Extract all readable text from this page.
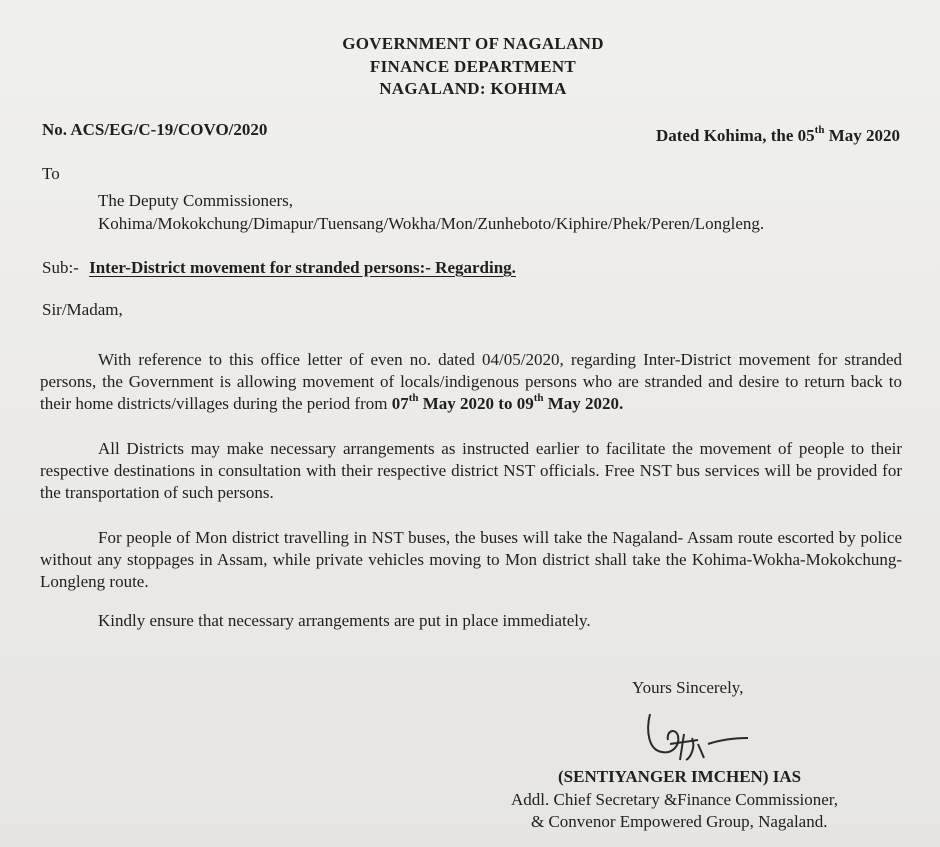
GOVERNMENT OF NAGALAND
FINANCE DEPARTMENT
NAGALAND: KOHIMA
No. ACS/EG/C-19/COVO/2020	Dated Kohima, the 05th May 2020
To
The Deputy Commissioners,
Kohima/Mokokchung/Dimapur/Tuensang/Wokha/Mon/Zunheboto/Kiphire/Phek/Peren/Longleng.
Sub:- Inter-District movement for stranded persons:- Regarding.
Sir/Madam,
With reference to this office letter of even no. dated 04/05/2020, regarding Inter-District movement for stranded persons, the Government is allowing movement of locals/indigenous persons who are stranded and desire to return back to their home districts/villages during the period from 07th May 2020 to 09th May 2020.
All Districts may make necessary arrangements as instructed earlier to facilitate the movement of people to their respective destinations in consultation with their respective district NST officials. Free NST bus services will be provided for the transportation of such persons.
For people of Mon district travelling in NST buses, the buses will take the Nagaland- Assam route escorted by police without any stoppages in Assam, while private vehicles moving to Mon district shall take the Kohima-Wokha-Mokokchung-Longleng route.
Kindly ensure that necessary arrangements are put in place immediately.
Yours Sincerely,
(SENTIYANGER IMCHEN) IAS
Addl. Chief Secretary &Finance Commissioner,
& Convenor Empowered Group, Nagaland.
